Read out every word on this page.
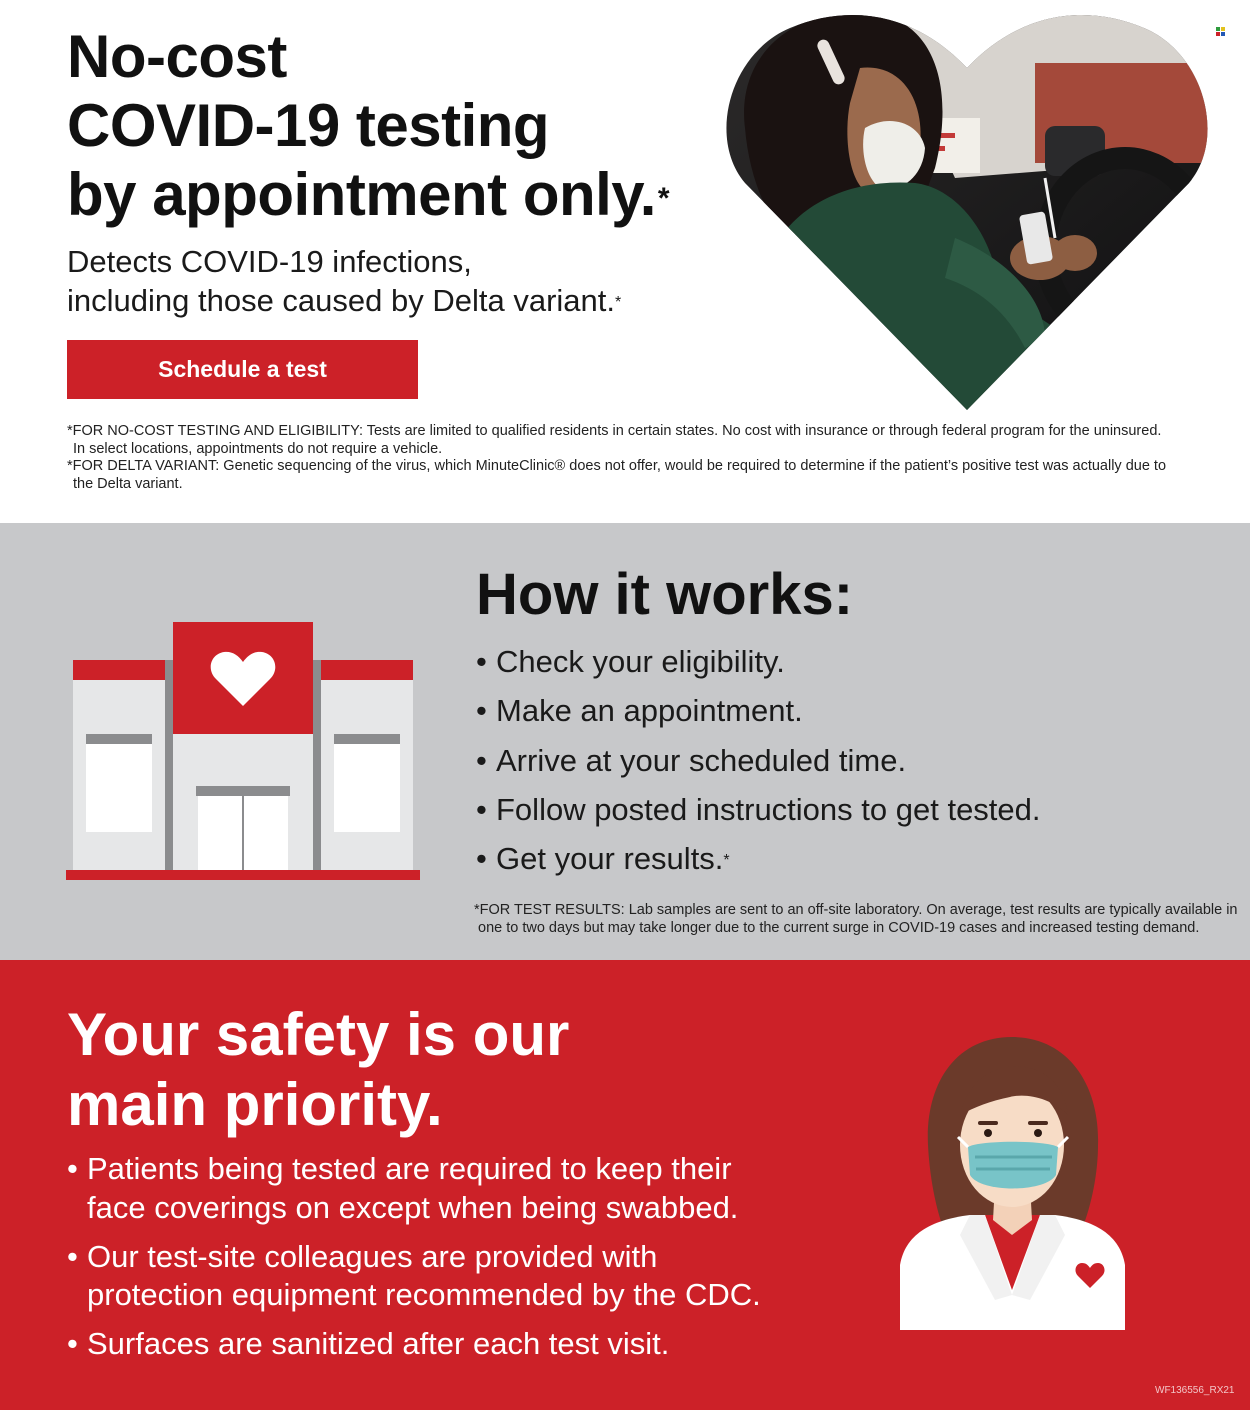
No-cost
COVID-19 testing
by appointment only.*
Detects COVID-19 infections,
including those caused by Delta variant.*
Schedule a test

*FOR NO-COST TESTING AND ELIGIBILITY: Tests are limited to qualified residents in certain states. No cost with insurance or through federal program for the uninsured.

In select locations, appointments do not require a vehicle.

*FOR DELTA VARIANT: Genetic sequencing of the virus, which MinuteClinic® does not offer, would be required to determine if the patient’s positive test was actually due to

the Delta variant.

How it works:
• Check your eligibility.
• Make an appointment.
• Arrive at your scheduled time.
• Follow posted instructions to get tested.
• Get your results.*

*FOR TEST RESULTS: Lab samples are sent to an off-site laboratory. On average, test results are typically available in

one to two days but may take longer due to the current surge in COVID-19 cases and increased testing demand.

Your safety is our
main priority.
• Patients being tested are required to keep their
face coverings on except when being swabbed.
• Our test-site colleagues are provided with
protection equipment recommended by the CDC.
• Surfaces are sanitized after each test visit.
WF136556_RX21
